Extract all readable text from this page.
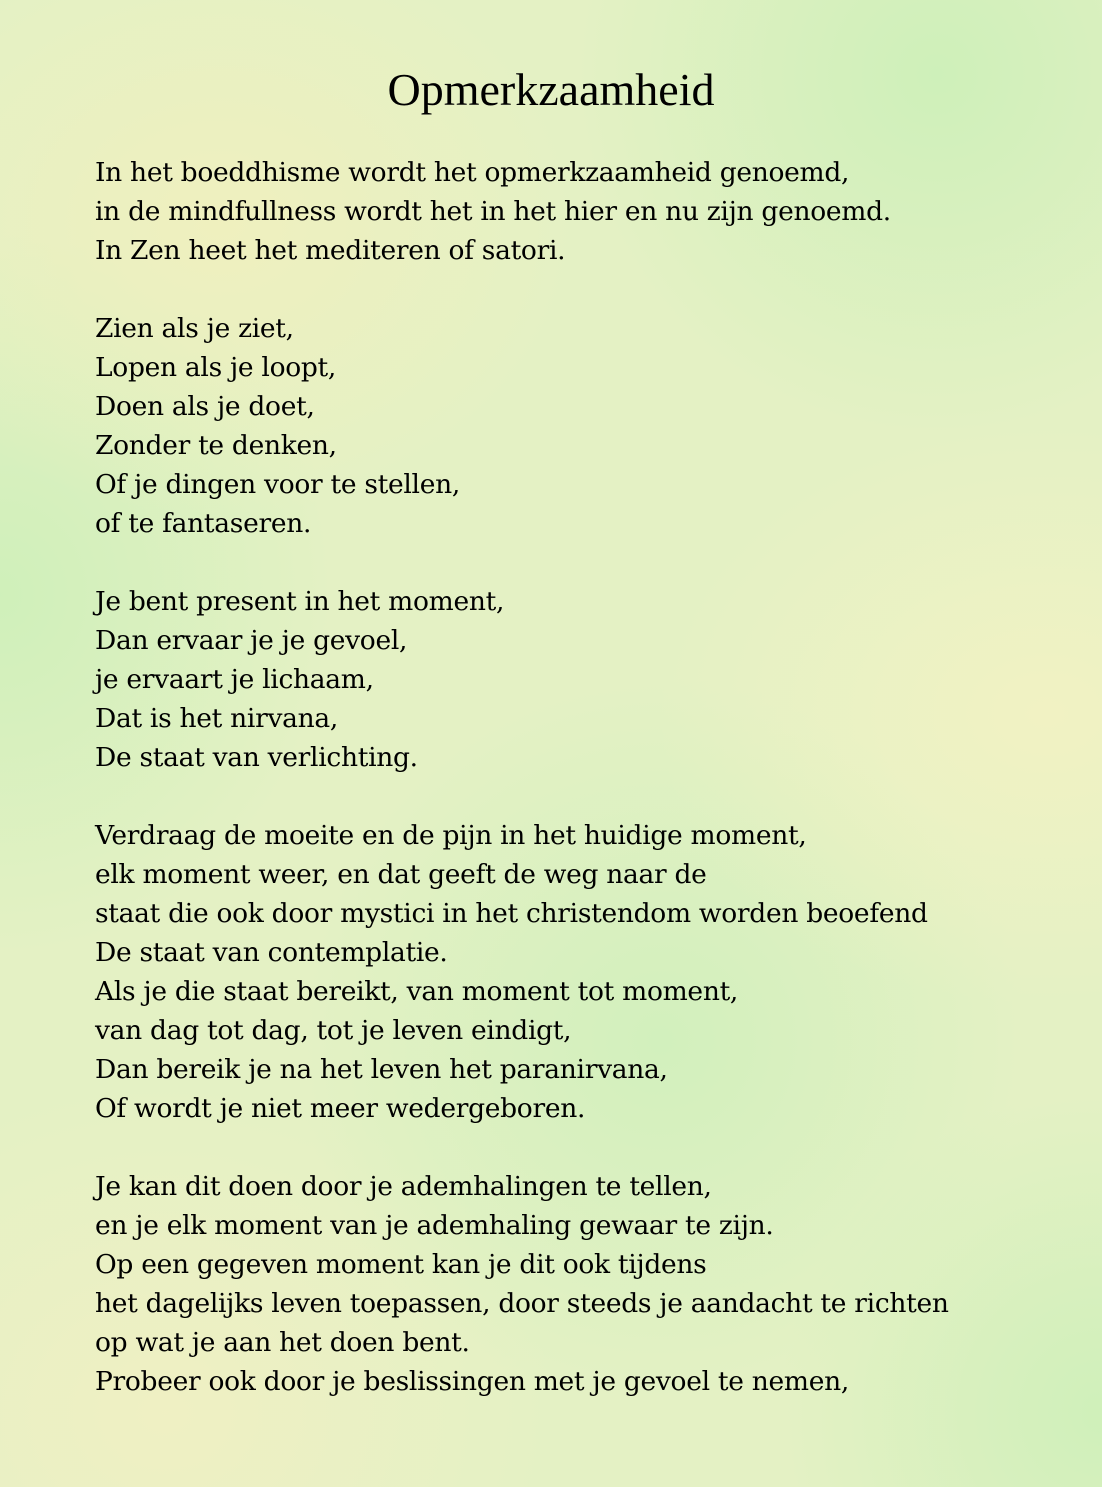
Opmerkzaamheid
In het boeddhisme wordt het opmerkzaamheid genoemd,
in de mindfullness wordt het in het hier en nu zijn genoemd.
In Zen heet het mediteren of satori.
Zien als je ziet,
Lopen als je loopt,
Doen als je doet,
Zonder te denken,
Of je dingen voor te stellen,
of te fantaseren.
Je bent present in het moment,
Dan ervaar je je gevoel,
je ervaart je lichaam,
Dat is het nirvana,
De staat van verlichting.
Verdraag de moeite en de pijn in het huidige moment,
elk moment weer, en dat geeft de weg naar de
staat die ook door mystici in het christendom worden beoefend
De staat van contemplatie.
Als je die staat bereikt, van moment tot moment,
van dag tot dag, tot je leven eindigt,
Dan bereik je na het leven het paranirvana,
Of wordt je niet meer wedergeboren.
Je kan dit doen door je ademhalingen te tellen,
en je elk moment van je ademhaling gewaar te zijn.
Op een gegeven moment kan je dit ook tijdens
het dagelijks leven toepassen, door steeds je aandacht te richten
op wat je aan het doen bent.
Probeer ook door je beslissingen met je gevoel te nemen,
